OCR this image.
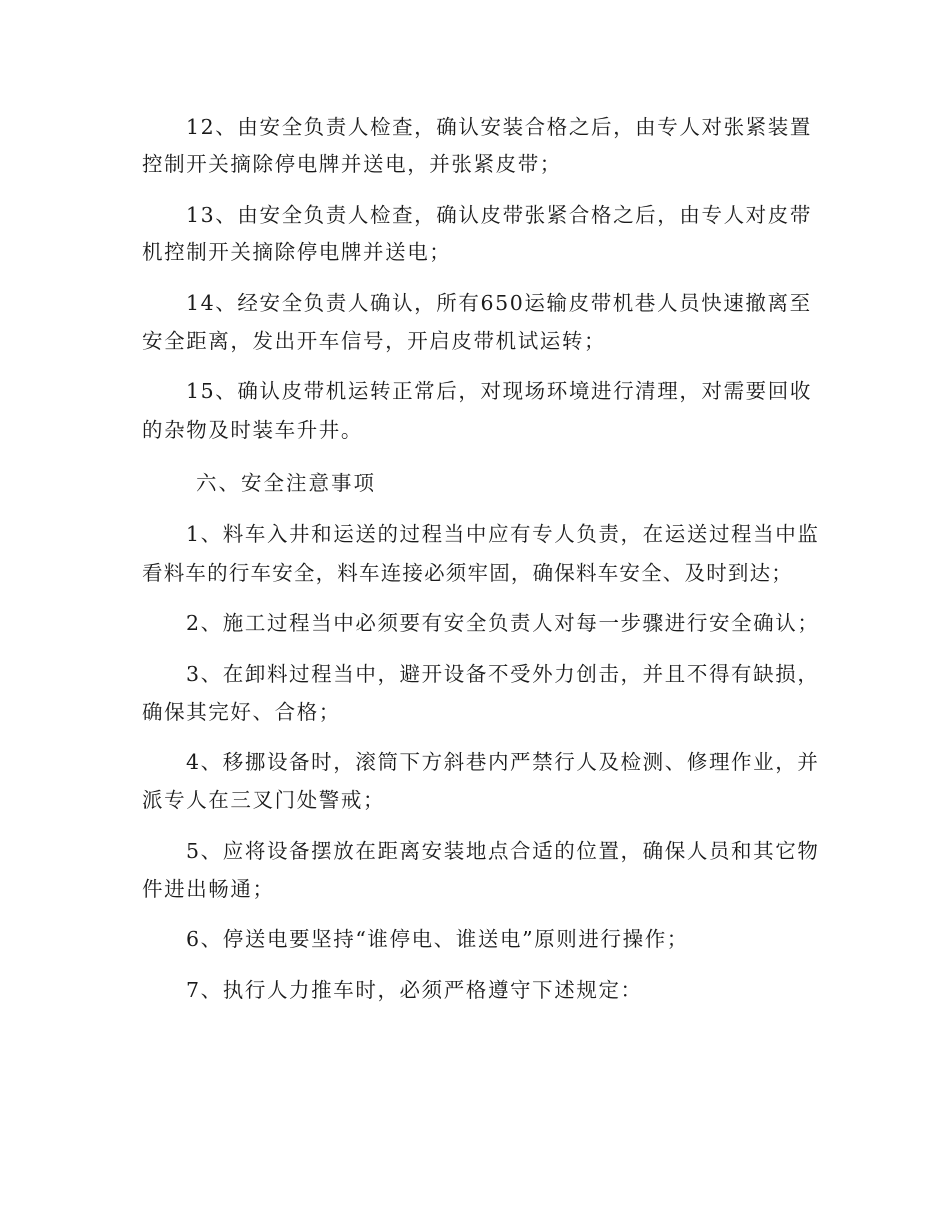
12、由安全负责人检查，确认安装合格之后，由专人对张紧装置
控制开关摘除停电牌并送电，并张紧皮带；
13、由安全负责人检查，确认皮带张紧合格之后，由专人对皮带
机控制开关摘除停电牌并送电；
14、经安全负责人确认，所有650运输皮带机巷人员快速撤离至
安全距离，发出开车信号，开启皮带机试运转；
15、确认皮带机运转正常后，对现场环境进行清理，对需要回收
的杂物及时装车升井。
六、安全注意事项
1、料车入井和运送的过程当中应有专人负责，在运送过程当中监
看料车的行车安全，料车连接必须牢固，确保料车安全、及时到达；
2、施工过程当中必须要有安全负责人对每一步骤进行安全确认；
3、在卸料过程当中，避开设备不受外力创击，并且不得有缺损，
确保其完好、合格；
4、移挪设备时，滚筒下方斜巷内严禁行人及检测、修理作业，并
派专人在三叉门处警戒；
5、应将设备摆放在距离安装地点合适的位置，确保人员和其它物
件进出畅通；
6、停送电要坚持“谁停电、谁送电”原则进行操作；
7、执行人力推车时，必须严格遵守下述规定：
